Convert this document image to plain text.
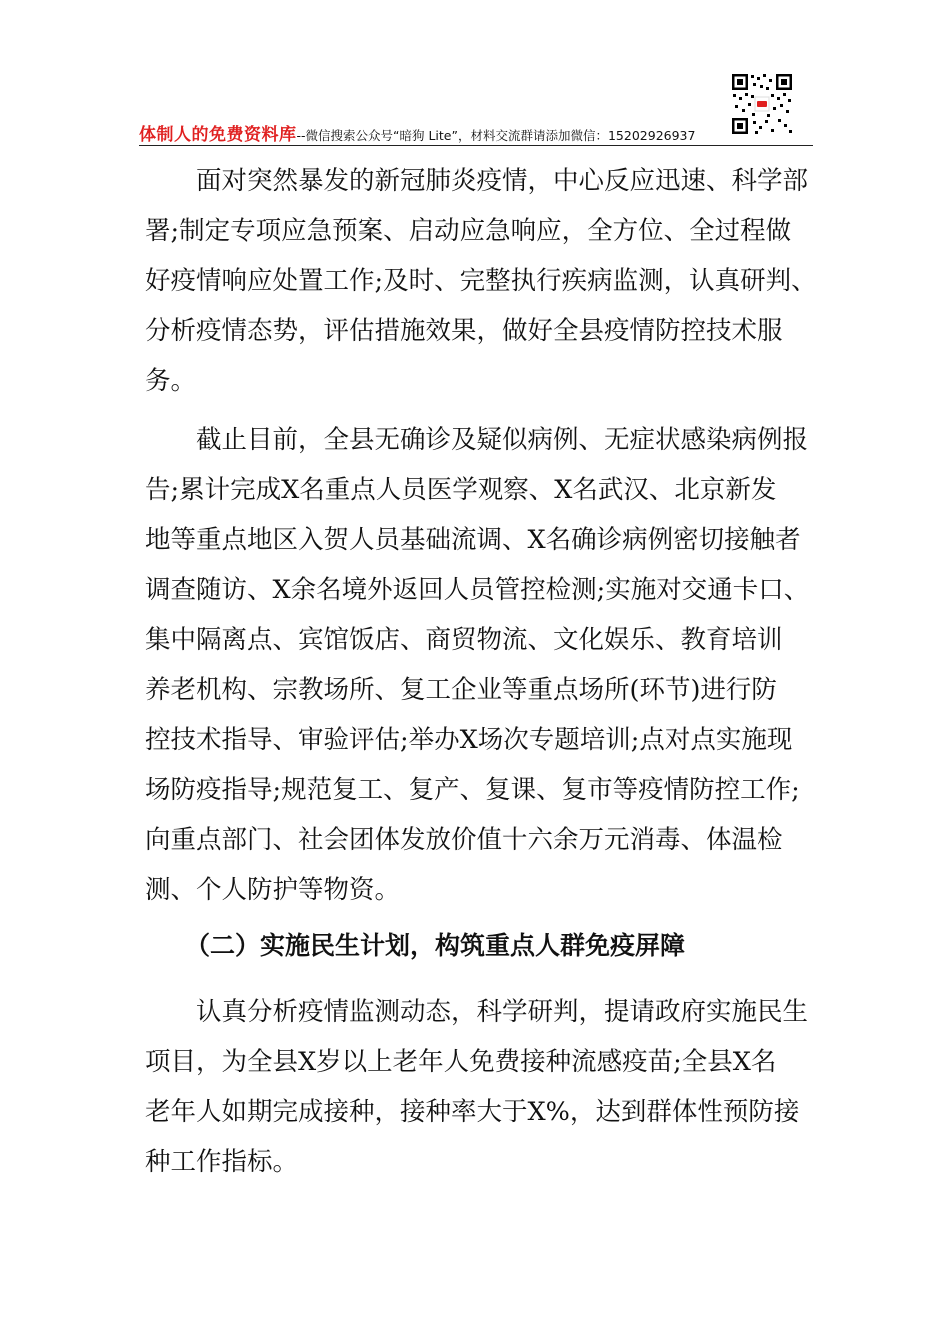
体制人的免费资料库--微信搜索公众号“暗狗 Lite”，材料交流群请添加微信：15202926937

　　面对突然暴发的新冠肺炎疫情，中心反应迅速、科学部

署;制定专项应急预案、启动应急响应，全方位、全过程做

好疫情响应处置工作;及时、完整执行疾病监测，认真研判、

分析疫情态势，评估措施效果，做好全县疫情防控技术服

务。

　　截止目前，全县无确诊及疑似病例、无症状感染病例报

告;累计完成X名重点人员医学观察、X名武汉、北京新发

地等重点地区入贺人员基础流调、X名确诊病例密切接触者

调查随访、X余名境外返回人员管控检测;实施对交通卡口、

集中隔离点、宾馆饭店、商贸物流、文化娱乐、教育培训

养老机构、宗教场所、复工企业等重点场所(环节)进行防

控技术指导、审验评估;举办X场次专题培训;点对点实施现

场防疫指导;规范复工、复产、复课、复市等疫情防控工作;

向重点部门、社会团体发放价值十六余万元消毒、体温检

测、个人防护等物资。

（二）实施民生计划，构筑重点人群免疫屏障

　　认真分析疫情监测动态，科学研判，提请政府实施民生

项目，为全县X岁以上老年人免费接种流感疫苗;全县X名

老年人如期完成接种，接种率大于X%，达到群体性预防接

种工作指标。
